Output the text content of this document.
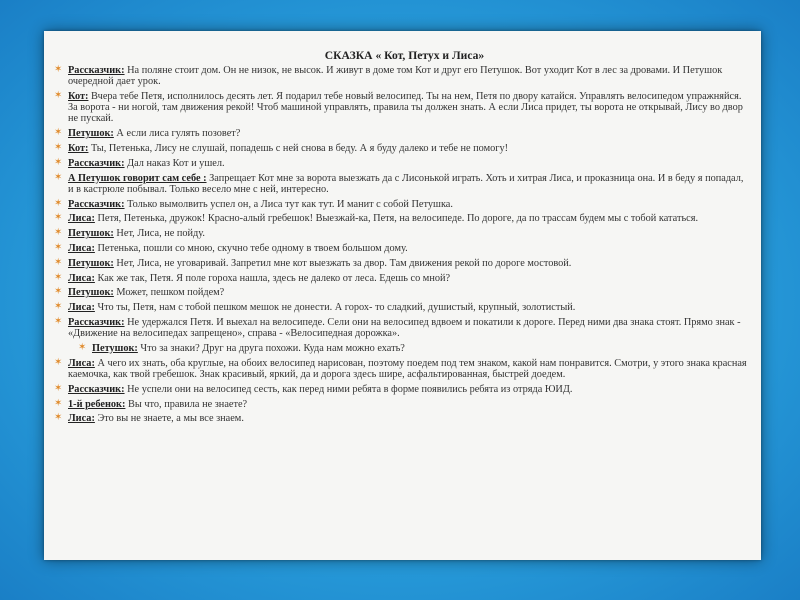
СКАЗКА « Кот, Петух и Лиса»
✶ Рассказчик: На поляне стоит дом. Он не низок, не высок. И живут в доме том Кот и друг его Петушок. Вот уходит Кот в лес за дровами. И Петушок очередной дает урок.
✶ Кот: Вчера тебе Петя, исполнилось десять лет. Я подарил тебе новый велосипед. Ты на нем, Петя по двору катайся. Управлять велосипедом упражняйся. За ворота - ни ногой, там движения рекой! Чтоб машиной управлять, правила ты должен знать. А если Лиса придет, ты ворота не открывай, Лису во двор не пускай.
✶ Петушок: А если лиса гулять позовет?
✶ Кот: Ты, Петенька, Лису не слушай, попадешь с ней снова в беду. А я буду далеко и тебе не помогу!
✶ Рассказчик: Дал наказ Кот и ушел.
✶ А Петушок говорит сам себе : Запрещает Кот мне за ворота выезжать да с Лисонькой играть. Хоть и хитрая Лиса, и проказница она. И в беду я попадал, и в кастрюле побывал. Только весело мне с ней, интересно.
✶ Рассказчик: Только вымолвить успел он, а Лиса тут как тут. И манит с собой Петушка.
✶ Лиса: Петя, Петенька, дружок! Красно-алый гребешок! Выезжай-ка, Петя, на велосипеде. По дороге, да по трассам будем мы с тобой кататься.
✶ Петушок: Нет, Лиса, не пойду.
✶ Лиса: Петенька, пошли со мною, скучно тебе одному в твоем большом дому.
✶ Петушок: Нет, Лиса, не уговаривай. Запретил мне кот выезжать за двор. Там движения рекой по дороге мостовой.
✶ Лиса: Как же так, Петя. Я поле гороха нашла, здесь не далеко от леса. Едешь со мной?
✶ Петушок: Может, пешком пойдем?
✶ Лиса: Что ты, Петя, нам с тобой пешком мешок не донести. А горох- то сладкий, душистый, крупный, золотистый.
✶ Рассказчик: Не удержался Петя. И выехал на велосипеде. Сели они на велосипед вдвоем и покатили к дороге. Перед ними два знака стоят. Прямо знак - «Движение на велосипедах запрещено», справа - «Велосипедная дорожка».
✶ Петушок: Что за знаки? Друг на друга похожи. Куда нам можно ехать?
✶ Лиса: А чего их знать, оба круглые, на обоих велосипед нарисован, поэтому поедем под тем знаком, какой нам понравится. Смотри, у этого знака красная каемочка, как твой гребешок. Знак красивый, яркий, да и дорога здесь шире, асфальтированная, быстрей доедем.
✶ Рассказчик: Не успели они на велосипед сесть, как перед ними ребята в форме появились ребята из отряда ЮИД.
✶ 1-й ребенок: Вы что, правила не знаете?
✶ Лиса: Это вы не знаете, а мы все знаем.
